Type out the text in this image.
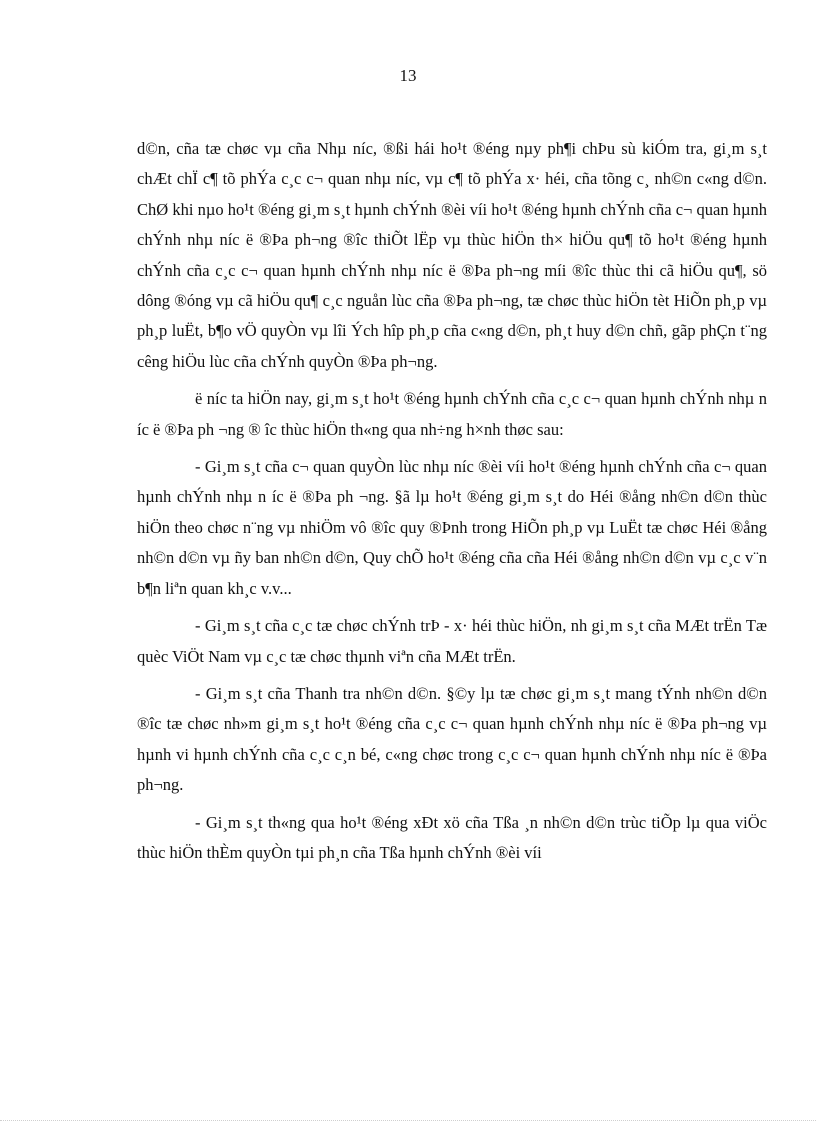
13

d©n, cña tæ chøc vµ cña Nhµ níc, ®ßi hái ho¹t ®éng nµy ph¶i chÞu sù kiÓm tra, gi¸m s¸t chÆt chÏ c¶ tõ phÝa c¸c c¬ quan nhµ níc, vµ c¶ tõ phÝa x· héi, cña tõng c¸ nh©n c«ng d©n. ChØ khi nµo ho¹t ®éng gi¸m s¸t hµnh chÝnh ®èi víi ho¹t ®éng hµnh chÝnh cña c¬ quan hµnh chÝnh nhµ níc ë ®Þa ph¬ng ®îc thiÕt lËp vµ thùc hiÖn th× hiÖu qu¶ tõ ho¹t ®éng hµnh chÝnh cña c¸c c¬ quan hµnh chÝnh nhµ níc ë ®Þa ph¬ng míi ®îc thùc thi cã hiÖu qu¶, sö dông ®óng vµ cã hiÖu qu¶ c¸c nguån lùc cña ®Þa ph¬ng, tæ chøc thùc hiÖn tèt HiÕn ph¸p vµ ph¸p luËt, b¶o vÖ quyÒn vµ lîi Ých hîp ph¸p cña c«ng d©n, ph¸t huy d©n chñ, gãp phÇn t¨ng cêng hiÖu lùc cña chÝnh quyÒn ®Þa ph¬ng.

ë níc ta hiÖn nay, gi¸m s¸t ho¹t ®éng hµnh chÝnh cña c¸c c¬ quan hµnh chÝnh nhµ n íc ë ®Þa ph ¬ng ® îc thùc hiÖn th«ng qua nh÷ng h×nh thøc sau:

- Gi¸m s¸t cña c¬ quan quyÒn lùc nhµ níc ®èi víi ho¹t ®éng hµnh chÝnh cña c¬ quan hµnh chÝnh nhµ n íc ë ®Þa ph ¬ng. §ã lµ ho¹t ®éng gi¸m s¸t do Héi ®ång nh©n d©n thùc hiÖn theo chøc n¨ng vµ nhiÖm vô ®îc quy ®Þnh trong HiÕn ph¸p vµ LuËt tæ chøc Héi ®ång nh©n d©n vµ ñy ban nh©n d©n, Quy chÕ ho¹t ®éng cña cña Héi ®ång nh©n d©n vµ c¸c v¨n b¶n liªn quan kh¸c v.v...

- Gi¸m s¸t cña c¸c tæ chøc chÝnh trÞ - x· héi thùc hiÖn, nh gi¸m s¸t cña MÆt trËn Tæ quèc ViÖt Nam vµ c¸c tæ chøc thµnh viªn cña MÆt trËn.

- Gi¸m s¸t cña Thanh tra nh©n d©n. §©y lµ tæ chøc gi¸m s¸t mang tÝnh nh©n d©n ®îc tæ chøc nh»m gi¸m s¸t ho¹t ®éng cña c¸c c¬ quan hµnh chÝnh nhµ níc ë ®Þa ph¬ng vµ hµnh vi hµnh chÝnh cña c¸c c¸n bé, c«ng chøc trong c¸c c¬ quan hµnh chÝnh nhµ níc ë ®Þa ph¬ng.

- Gi¸m s¸t th«ng qua ho¹t ®éng xÐt xö cña Tßa ¸n nh©n d©n trùc tiÕp lµ qua viÖc thùc hiÖn thÈm quyÒn tµi ph¸n cña Tßa hµnh chÝnh ®èi víi
